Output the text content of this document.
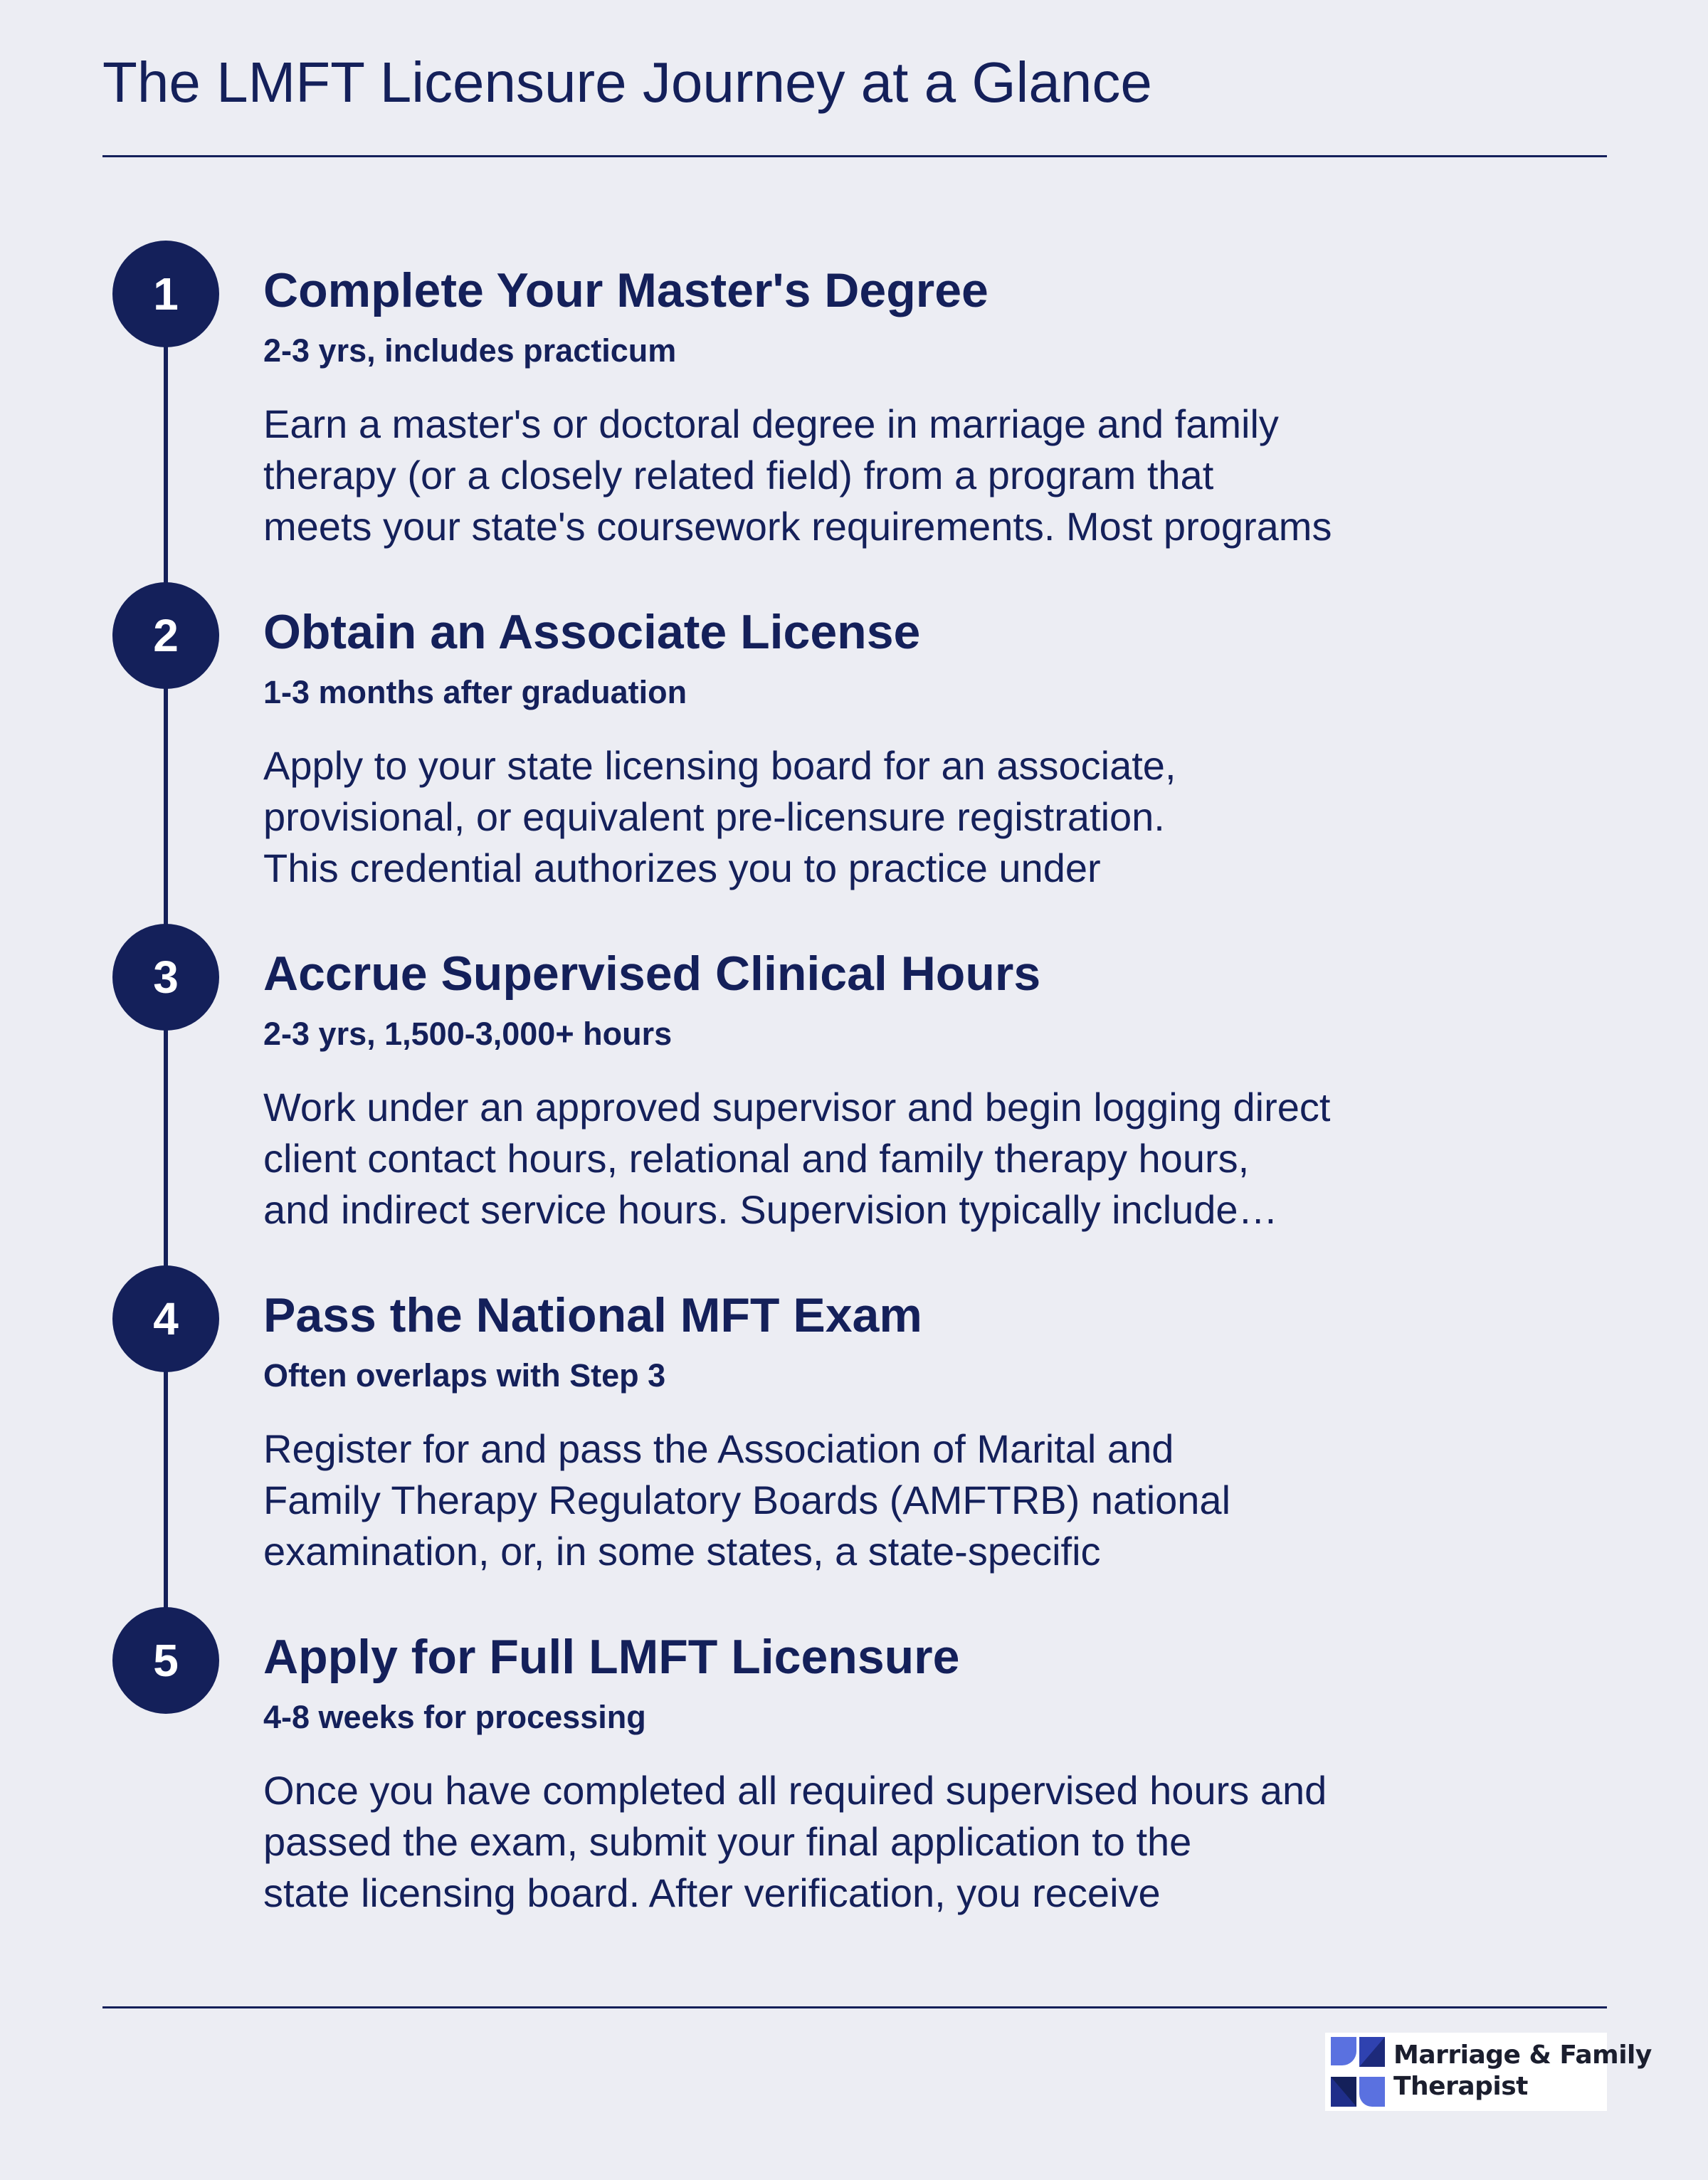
The LMFT Licensure Journey at a Glance
1	Complete Your Master's Degree
2-3 yrs, includes practicum

Earn a master's or doctoral degree in marriage and family
therapy (or a closely related field) from a program that
meets your state's coursework requirements. Most programs

2	Obtain an Associate License
1-3 months after graduation

Apply to your state licensing board for an associate,
provisional, or equivalent pre-licensure registration.
This credential authorizes you to practice under

3	Accrue Supervised Clinical Hours
2-3 yrs, 1,500-3,000+ hours

Work under an approved supervisor and begin logging direct
client contact hours, relational and family therapy hours,
and indirect service hours. Supervision typically include…

4	Pass the National MFT Exam
Often overlaps with Step 3

Register for and pass the Association of Marital and
Family Therapy Regulatory Boards (AMFTRB) national
examination, or, in some states, a state-specific

5	Apply for Full LMFT Licensure
4-8 weeks for processing

Once you have completed all required supervised hours and
passed the exam, submit your final application to the
state licensing board. After verification, you receive

Marriage & Family
Therapist
